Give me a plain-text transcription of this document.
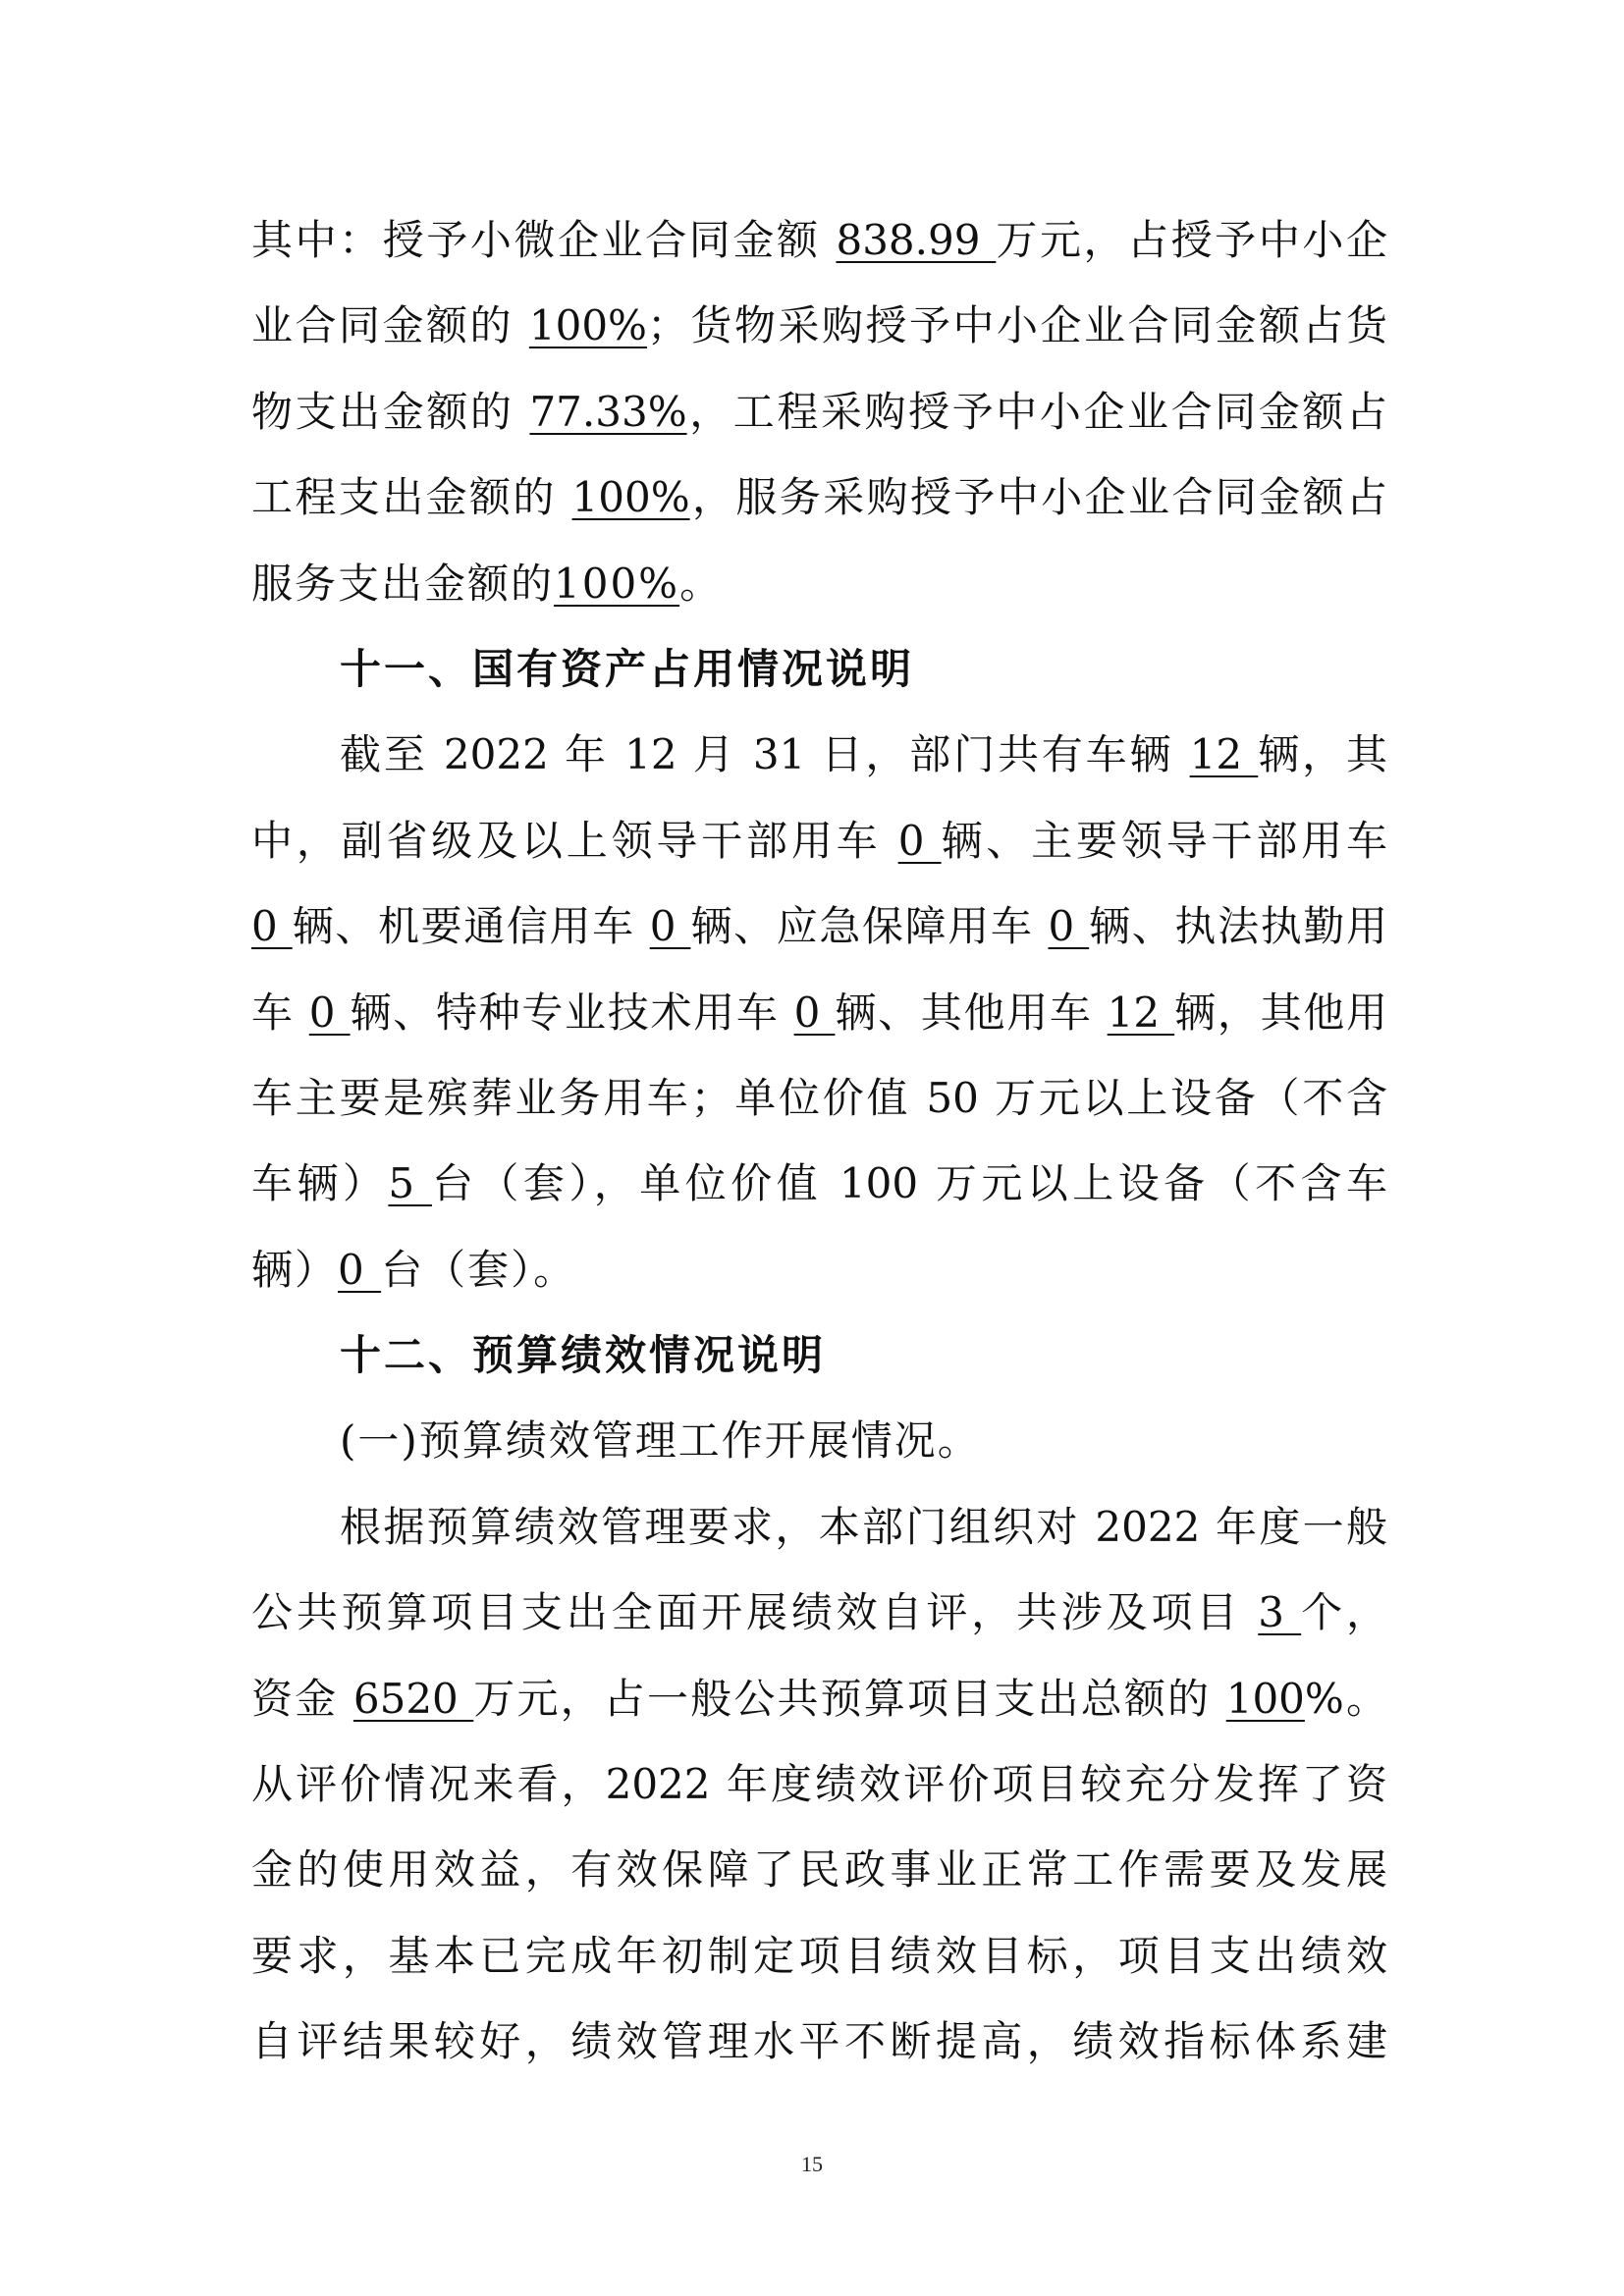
其中：授予小微企业合同金额 838.99 万元，占授予中小企
业合同金额的 100%；货物采购授予中小企业合同金额占货
物支出金额的 77.33%，工程采购授予中小企业合同金额占
工程支出金额的 100%，服务采购授予中小企业合同金额占
服务支出金额的100%。
十一、国有资产占用情况说明
截至 2022 年 12 月 31 日，部门共有车辆 12 辆，其
中，副省级及以上领导干部用车 0 辆、主要领导干部用车
0 辆、机要通信用车 0 辆、应急保障用车 0 辆、执法执勤用
车 0 辆、特种专业技术用车 0 辆、其他用车 12 辆，其他用
车主要是殡葬业务用车；单位价值 50 万元以上设备（不含
车辆）5 台（套），单位价值 100 万元以上设备（不含车
辆）0 台（套）。
十二、预算绩效情况说明
(一)预算绩效管理工作开展情况。
根据预算绩效管理要求，本部门组织对 2022 年度一般
公共预算项目支出全面开展绩效自评，共涉及项目 3 个，
资金 6520 万元，占一般公共预算项目支出总额的 100%。
从评价情况来看，2022 年度绩效评价项目较充分发挥了资
金的使用效益，有效保障了民政事业正常工作需要及发展
要求，基本已完成年初制定项目绩效目标，项目支出绩效
自评结果较好，绩效管理水平不断提高，绩效指标体系建
15
